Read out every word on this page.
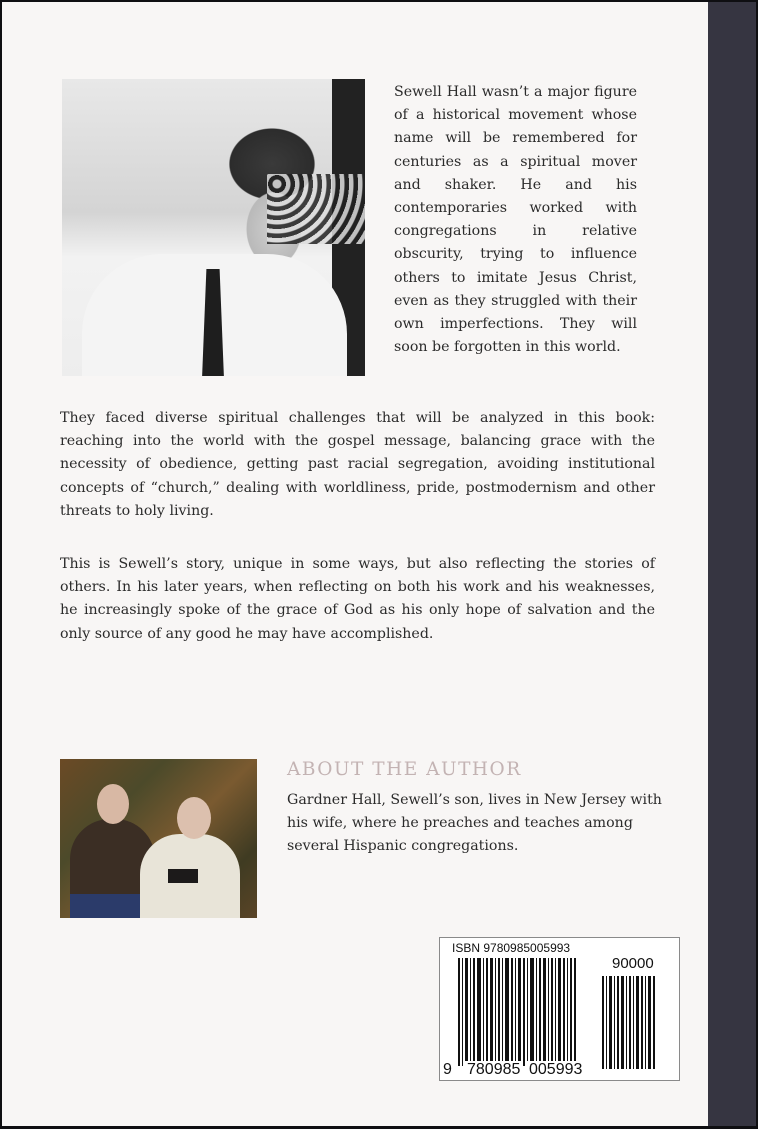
Sewell Hall wasn’t a major figure of a historical movement whose name will be remembered for centuries as a spiritual mover and shaker. He and his contemporaries worked with congregations in relative obscurity, trying to influence others to imitate Jesus Christ, even as they struggled with their own imperfections. They will soon be forgotten in this world.
They faced diverse spiritual challenges that will be analyzed in this book: reaching into the world with the gospel message, balancing grace with the necessity of obedience, getting past racial segregation, avoiding institutional concepts of “church,” dealing with worldliness, pride, postmodernism and other threats to holy living.
This is Sewell’s story, unique in some ways, but also reflecting the stories of others. In his later years, when reflecting on both his work and his weaknesses, he increasingly spoke of the grace of God as his only hope of salvation and the only source of any good he may have accomplished.
ABOUT THE AUTHOR
Gardner Hall, Sewell’s son, lives in New Jersey with his wife, where he preaches and teaches among several Hispanic congregations.
ISBN 9780985005993
90000
9 780985 005993
